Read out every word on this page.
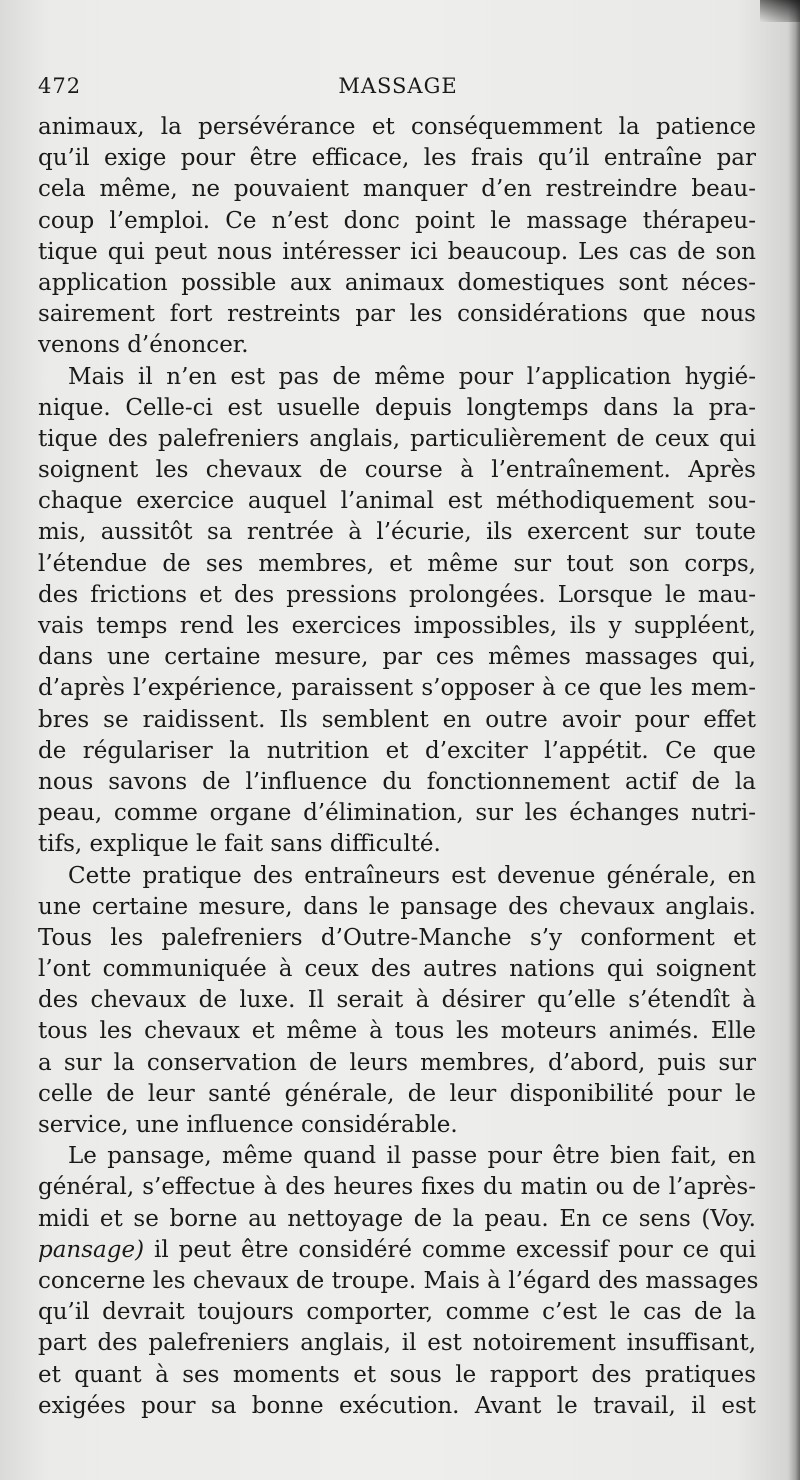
472	MASSAGE
animaux, la persévérance et conséquemment la patience
qu’il exige pour être efficace, les frais qu’il entraîne par
cela même, ne pouvaient manquer d’en restreindre beau-
coup l’emploi. Ce n’est donc point le massage thérapeu-
tique qui peut nous intéresser ici beaucoup. Les cas de son
application possible aux animaux domestiques sont néces-
sairement fort restreints par les considérations que nous
venons d’énoncer.
Mais il n’en est pas de même pour l’application hygié-
nique. Celle-ci est usuelle depuis longtemps dans la pra-
tique des palefreniers anglais, particulièrement de ceux qui
soignent les chevaux de course à l’entraînement. Après
chaque exercice auquel l’animal est méthodiquement sou-
mis, aussitôt sa rentrée à l’écurie, ils exercent sur toute
l’étendue de ses membres, et même sur tout son corps,
des frictions et des pressions prolongées. Lorsque le mau-
vais temps rend les exercices impossibles, ils y suppléent,
dans une certaine mesure, par ces mêmes massages qui,
d’après l’expérience, paraissent s’opposer à ce que les mem-
bres se raidissent. Ils semblent en outre avoir pour effet
de régulariser la nutrition et d’exciter l’appétit. Ce que
nous savons de l’influence du fonctionnement actif de la
peau, comme organe d’élimination, sur les échanges nutri-
tifs, explique le fait sans difficulté.
Cette pratique des entraîneurs est devenue générale, en
une certaine mesure, dans le pansage des chevaux anglais.
Tous les palefreniers d’Outre-Manche s’y conforment et
l’ont communiquée à ceux des autres nations qui soignent
des chevaux de luxe. Il serait à désirer qu’elle s’étendît à
tous les chevaux et même à tous les moteurs animés. Elle
a sur la conservation de leurs membres, d’abord, puis sur
celle de leur santé générale, de leur disponibilité pour le
service, une influence considérable.
Le pansage, même quand il passe pour être bien fait, en
général, s’effectue à des heures fixes du matin ou de l’après-
midi et se borne au nettoyage de la peau. En ce sens (Voy.
pansage) il peut être considéré comme excessif pour ce qui
concerne les chevaux de troupe. Mais à l’égard des massages
qu’il devrait toujours comporter, comme c’est le cas de la
part des palefreniers anglais, il est notoirement insuffisant,
et quant à ses moments et sous le rapport des pratiques
exigées pour sa bonne exécution. Avant le travail, il est
